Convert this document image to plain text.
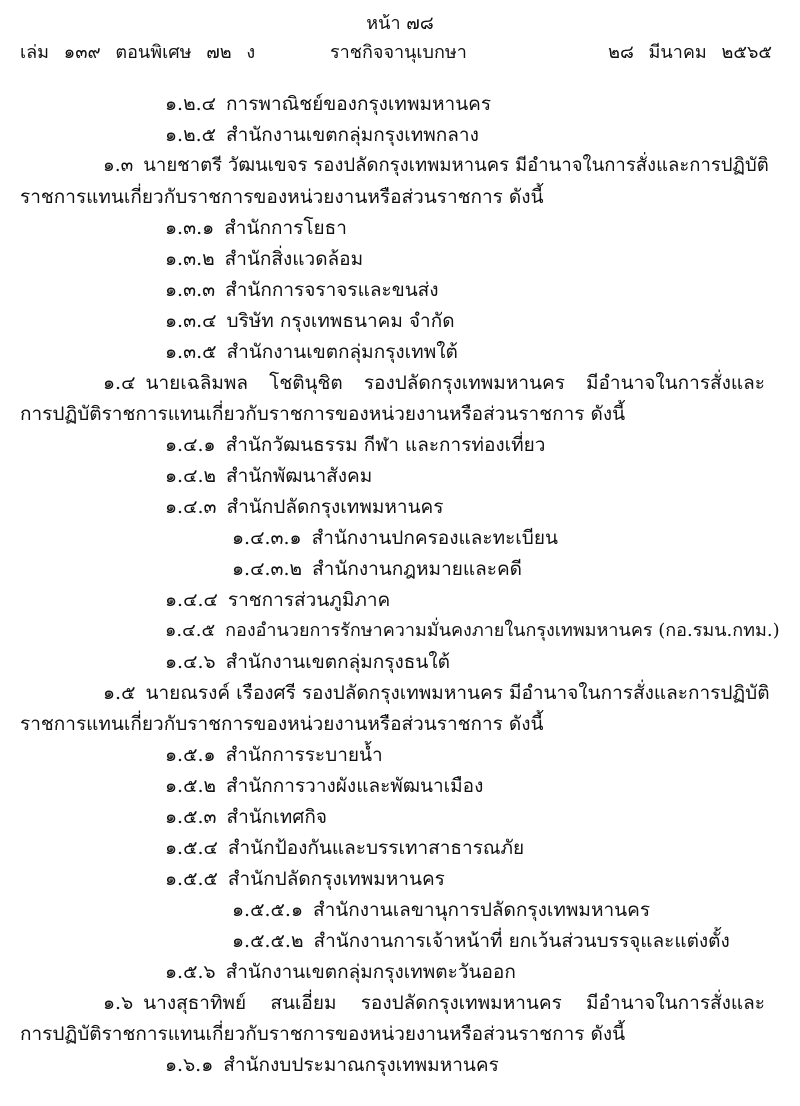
หน้า ๗๘
เล่ม ๑๓๙ ตอนพิเศษ ๗๒ ง	ราชกิจจานุเบกษา	๒๘ มีนาคม ๒๕๖๕
๑.๒.๔ การพาณิชย์ของกรุงเทพมหานคร
๑.๒.๕ สำนักงานเขตกลุ่มกรุงเทพกลาง
๑.๓ นายชาตรี วัฒนเขจร รองปลัดกรุงเทพมหานคร มีอำนาจในการสั่งและการปฏิบัติ
ราชการแทนเกี่ยวกับราชการของหน่วยงานหรือส่วนราชการ ดังนี้
๑.๓.๑ สำนักการโยธา
๑.๓.๒ สำนักสิ่งแวดล้อม
๑.๓.๓ สำนักการจราจรและขนส่ง
๑.๓.๔ บริษัท กรุงเทพธนาคม จำกัด
๑.๓.๕ สำนักงานเขตกลุ่มกรุงเทพใต้
๑.๔ นายเฉลิมพล โชตินุชิต รองปลัดกรุงเทพมหานคร มีอำนาจในการสั่งและ
การปฏิบัติราชการแทนเกี่ยวกับราชการของหน่วยงานหรือส่วนราชการ ดังนี้
๑.๔.๑ สำนักวัฒนธรรม กีฬา และการท่องเที่ยว
๑.๔.๒ สำนักพัฒนาสังคม
๑.๔.๓ สำนักปลัดกรุงเทพมหานคร
๑.๔.๓.๑ สำนักงานปกครองและทะเบียน
๑.๔.๓.๒ สำนักงานกฎหมายและคดี
๑.๔.๔ ราชการส่วนภูมิภาค
๑.๔.๕ กองอำนวยการรักษาความมั่นคงภายในกรุงเทพมหานคร (กอ.รมน.กทม.)
๑.๔.๖ สำนักงานเขตกลุ่มกรุงธนใต้
๑.๕ นายณรงค์ เรืองศรี รองปลัดกรุงเทพมหานคร มีอำนาจในการสั่งและการปฏิบัติ
ราชการแทนเกี่ยวกับราชการของหน่วยงานหรือส่วนราชการ ดังนี้
๑.๕.๑ สำนักการระบายน้ำ
๑.๕.๒ สำนักการวางผังและพัฒนาเมือง
๑.๕.๓ สำนักเทศกิจ
๑.๕.๔ สำนักป้องกันและบรรเทาสาธารณภัย
๑.๕.๕ สำนักปลัดกรุงเทพมหานคร
๑.๕.๕.๑ สำนักงานเลขานุการปลัดกรุงเทพมหานคร
๑.๕.๕.๒ สำนักงานการเจ้าหน้าที่ ยกเว้นส่วนบรรจุและแต่งตั้ง
๑.๕.๖ สำนักงานเขตกลุ่มกรุงเทพตะวันออก
๑.๖ นางสุธาทิพย์ สนเอี่ยม รองปลัดกรุงเทพมหานคร มีอำนาจในการสั่งและ
การปฏิบัติราชการแทนเกี่ยวกับราชการของหน่วยงานหรือส่วนราชการ ดังนี้
๑.๖.๑ สำนักงบประมาณกรุงเทพมหานคร
